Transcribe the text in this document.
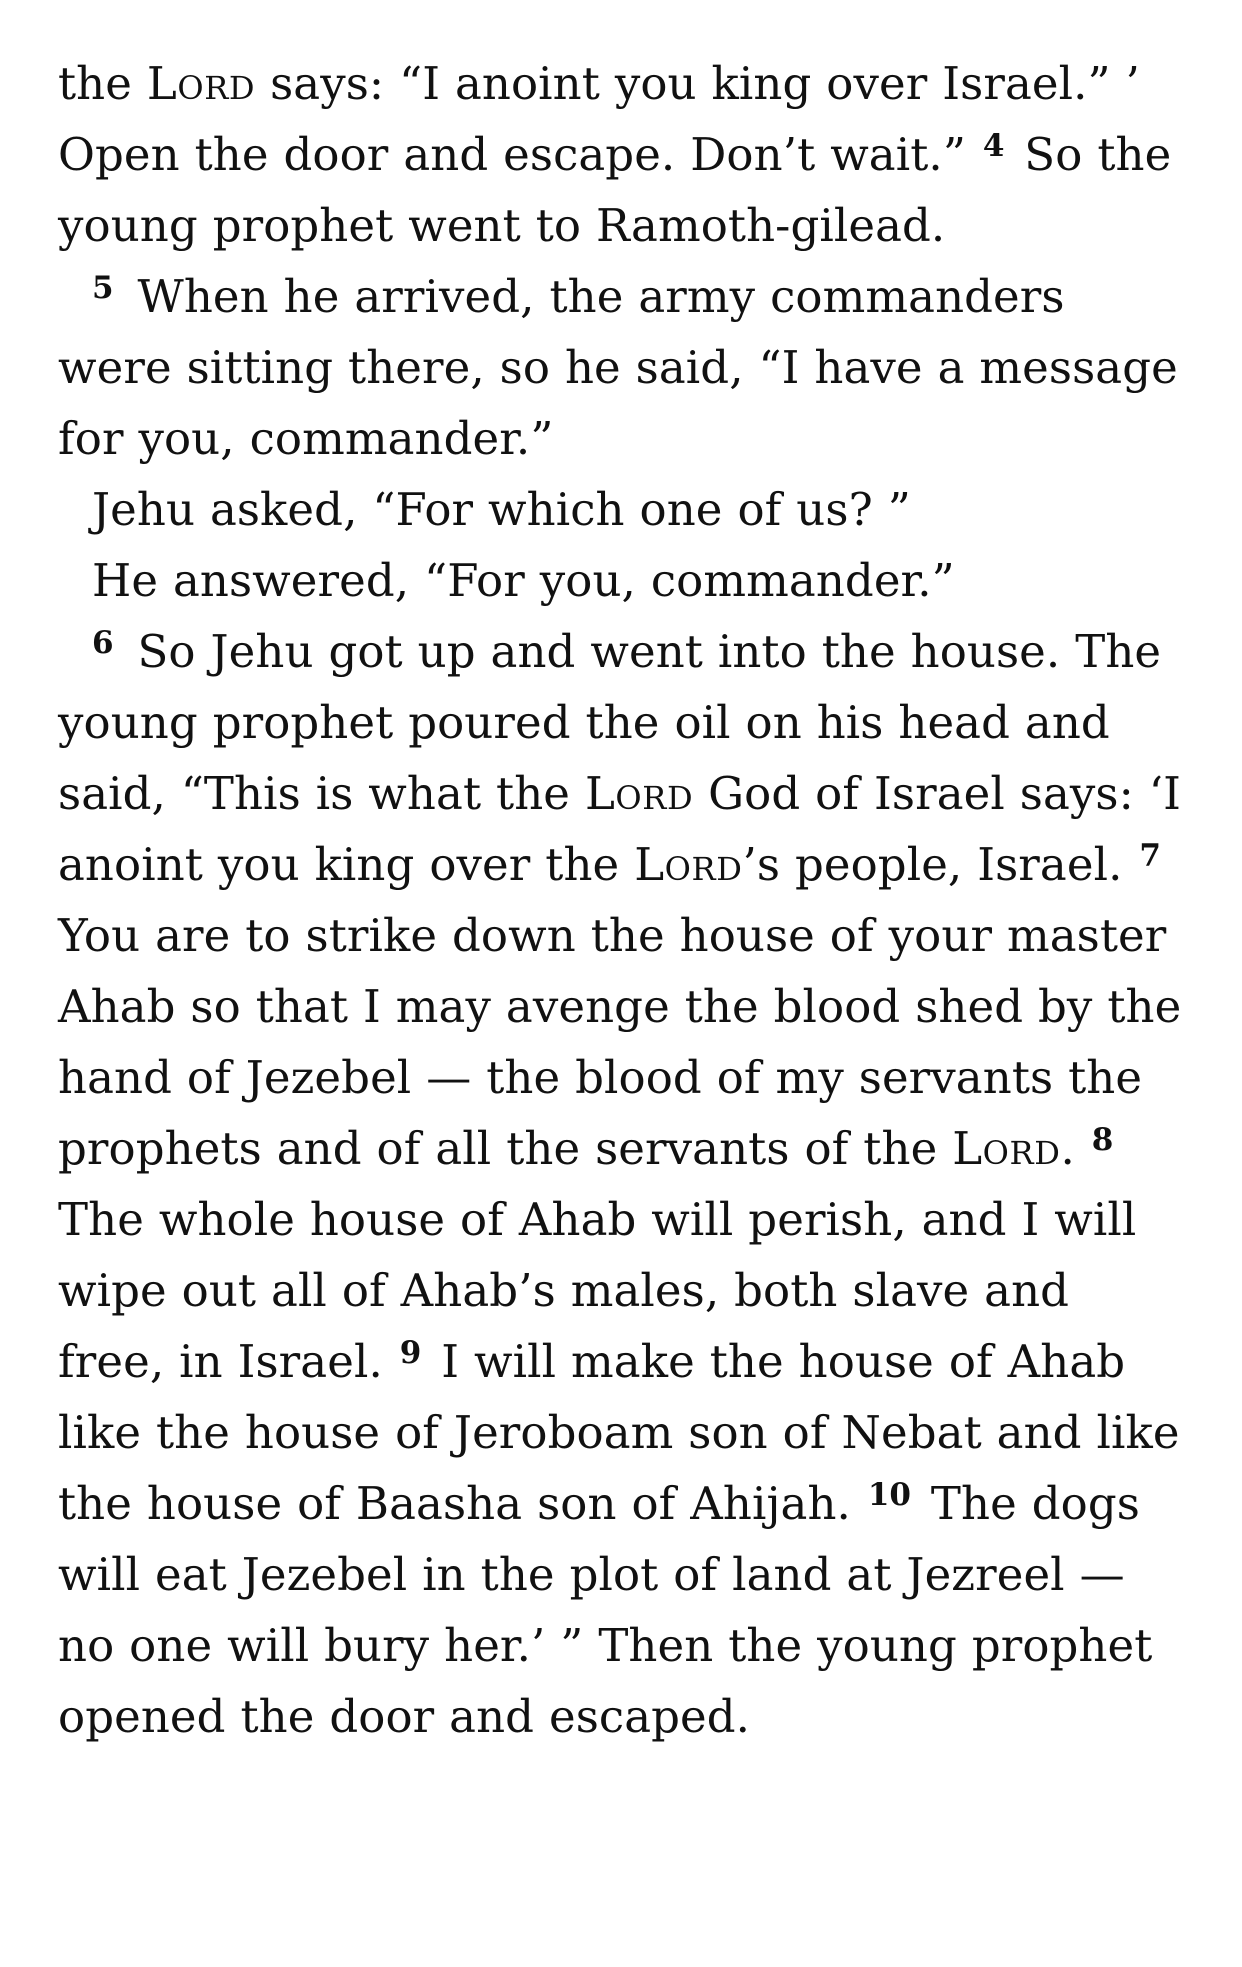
the Lord says: “I anoint you king over Israel.” ’ Open the door and escape. Don’t wait.” $^4$ So the young prophet went to Ramoth-gilead.

$^5$ When he arrived, the army commanders were sitting there, so he said, “I have a message for you, commander.”

Jehu asked, “For which one of us? ”

He answered, “For you, commander.”

$^6$ So Jehu got up and went into the house. The young prophet poured the oil on his head and said, “This is what the Lord God of Israel says: ‘I anoint you king over the Lord’s people, Israel. $^7$ You are to strike down the house of your master Ahab so that I may avenge the blood shed by the hand of Jezebel — the blood of my servants the prophets and of all the servants of the Lord. $^8$ The whole house of Ahab will perish, and I will wipe out all of Ahab’s males, both slave and free, in Israel. $^9$ I will make the house of Ahab like the house of Jeroboam son of Nebat and like the house of Baasha son of Ahijah. $^{10}$ The dogs will eat Jezebel in the plot of land at Jezreel — no one will bury her.’ ” Then the young prophet opened the door and escaped.
